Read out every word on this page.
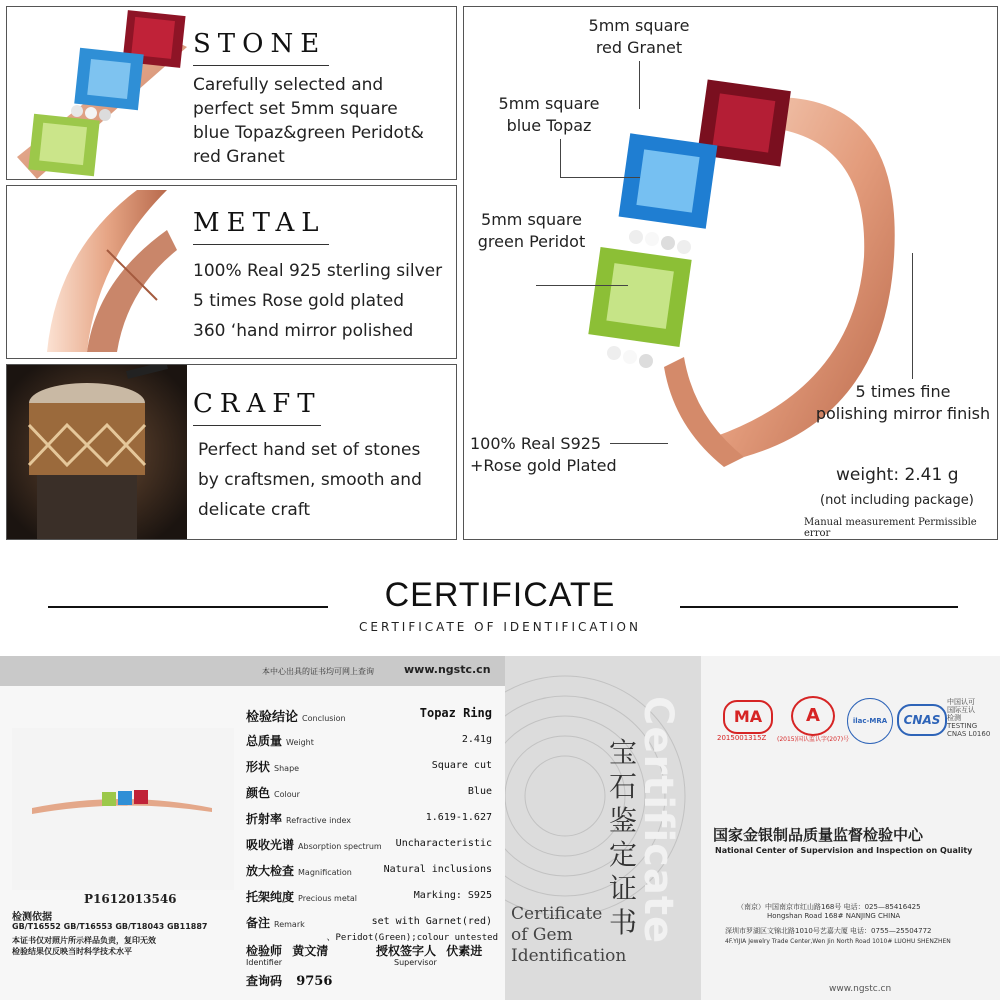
STONE
Carefully selected and
perfect set 5mm square
blue Topaz&green Peridot&
red Granet
METAL
100% Real 925 sterling silver
5 times Rose gold plated
360 ‘hand mirror polished
CRAFT
Perfect hand set of stones
by craftsmen, smooth and
delicate craft
5mm square
red Granet
5mm square
blue Topaz
5mm square
green Peridot
5 times fine
polishing mirror finish
100% Real S925
+Rose gold Plated	weight: 2.41 g
(not including package)
Manual measurement Permissible error
CERTIFICATE
CERTIFICATE OF IDENTIFICATION
本中心出具的证书均可网上查询	www.ngstc.cn
P1612013546
检测依据
GB/T16552 GB/T16553 GB/T18043 GB11887
本证书仅对照片所示样品负责，复印无效
检验结果仅反映当时科学技术水平
检验结论 Conclusion	Topaz Ring
总质量 Weight	2.41g
形状 Shape	Square cut
颜色 Colour	Blue
折射率 Refractive index	1.619-1.627
吸收光谱 Absorption spectrum	Uncharacteristic
放大检查 Magnification	Natural inclusions
托架纯度 Precious metal	Marking: S925
备注 Remark	set with Garnet(red)
、Peridot(Green);colour untested
检验师 黄文清
Identifier
授权签字人 伏素进
Supervisor
查询码 9756
Certificate
宝
石
鉴
定
证
书
Certificate
of Gem
Identification
中国认可
国际互认
检测
TESTING
CNAS L0160
MA
2015001315Z
A
(2015)国认监认字(207)号
ilac-MRA	CNAS
国家金银制品质量监督检验中心
National Center of Supervision and Inspection on Quality
（南京）中国南京市红山路168号 电话：025—85416425
Hongshan Road 168# NANJING CHINA
深圳市罗湖区文锦北路1010号艺嘉大厦 电话：0755—25504772
4F.YIJIA Jewelry Trade Center,Wen Jin North Road 1010# LUOHU SHENZHEN
www.ngstc.cn
